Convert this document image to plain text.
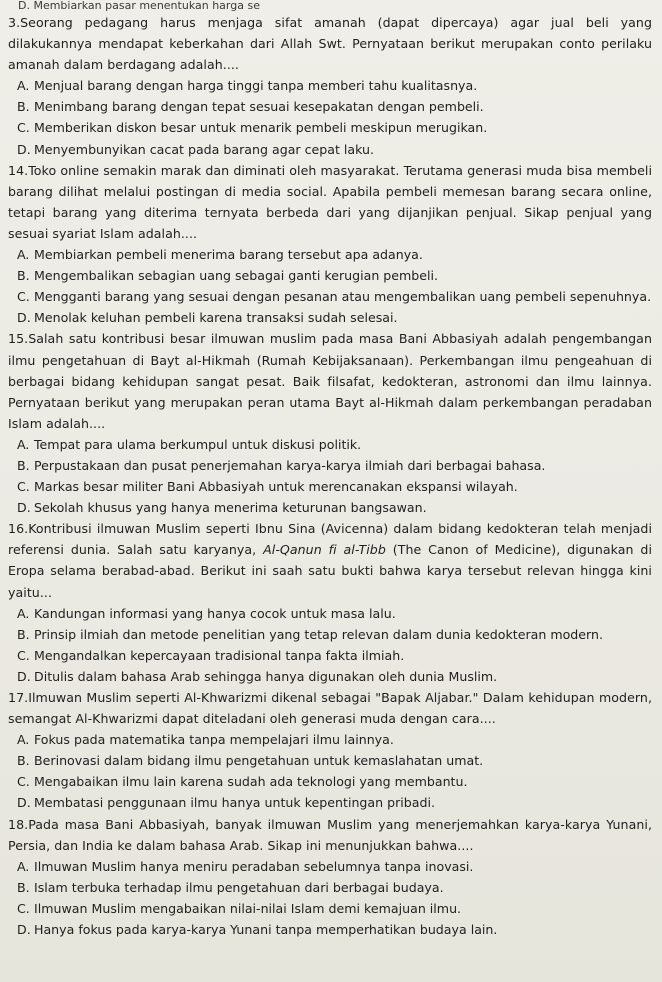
D. Membiarkan pasar menentukan harga se

3.Seorang pedagang harus menjaga sifat amanah (dapat dipercaya) agar jual beli yang dilakukannya mendapat keberkahan dari Allah Swt. Pernyataan berikut merupakan conto perilaku amanah dalam berdagang adalah....

A. Menjual barang dengan harga tinggi tanpa memberi tahu kualitasnya.
B. Menimbang barang dengan tepat sesuai kesepakatan dengan pembeli.
C. Memberikan diskon besar untuk menarik pembeli meskipun merugikan.
D. Menyembunyikan cacat pada barang agar cepat laku.

14.Toko online semakin marak dan diminati oleh masyarakat. Terutama generasi muda bisa membeli barang dilihat melalui postingan di media social. Apabila pembeli memesan barang secara online, tetapi barang yang diterima ternyata berbeda dari yang dijanjikan penjual. Sikap penjual yang sesuai syariat Islam adalah....

A. Membiarkan pembeli menerima barang tersebut apa adanya.
B. Mengembalikan sebagian uang sebagai ganti kerugian pembeli.
C. Mengganti barang yang sesuai dengan pesanan atau mengembalikan uang pembeli sepenuhnya.
D. Menolak keluhan pembeli karena transaksi sudah selesai.

15.Salah satu kontribusi besar ilmuwan muslim pada masa Bani Abbasiyah adalah pengembangan ilmu pengetahuan di Bayt al-Hikmah (Rumah Kebijaksanaan). Perkembangan ilmu pengeahuan di berbagai bidang kehidupan sangat pesat. Baik filsafat, kedokteran, astronomi dan ilmu lainnya. Pernyataan berikut yang merupakan peran utama Bayt al-Hikmah dalam perkembangan peradaban Islam adalah....

A. Tempat para ulama berkumpul untuk diskusi politik.
B. Perpustakaan dan pusat penerjemahan karya-karya ilmiah dari berbagai bahasa.
C. Markas besar militer Bani Abbasiyah untuk merencanakan ekspansi wilayah.
D. Sekolah khusus yang hanya menerima keturunan bangsawan.

16.Kontribusi ilmuwan Muslim seperti Ibnu Sina (Avicenna) dalam bidang kedokteran telah menjadi referensi dunia. Salah satu karyanya, Al-Qanun fi al-Tibb (The Canon of Medicine), digunakan di Eropa selama berabad-abad. Berikut ini saah satu bukti bahwa karya tersebut relevan hingga kini yaitu...

A. Kandungan informasi yang hanya cocok untuk masa lalu.
B. Prinsip ilmiah dan metode penelitian yang tetap relevan dalam dunia kedokteran modern.
C. Mengandalkan kepercayaan tradisional tanpa fakta ilmiah.
D. Ditulis dalam bahasa Arab sehingga hanya digunakan oleh dunia Muslim.

17.Ilmuwan Muslim seperti Al-Khwarizmi dikenal sebagai "Bapak Aljabar." Dalam kehidupan modern, semangat Al-Khwarizmi dapat diteladani oleh generasi muda dengan cara....

A. Fokus pada matematika tanpa mempelajari ilmu lainnya.
B. Berinovasi dalam bidang ilmu pengetahuan untuk kemaslahatan umat.
C. Mengabaikan ilmu lain karena sudah ada teknologi yang membantu.
D. Membatasi penggunaan ilmu hanya untuk kepentingan pribadi.

18.Pada masa Bani Abbasiyah, banyak ilmuwan Muslim yang menerjemahkan karya-karya Yunani, Persia, dan India ke dalam bahasa Arab. Sikap ini menunjukkan bahwa....

A. Ilmuwan Muslim hanya meniru peradaban sebelumnya tanpa inovasi.
B. Islam terbuka terhadap ilmu pengetahuan dari berbagai budaya.
C. Ilmuwan Muslim mengabaikan nilai-nilai Islam demi kemajuan ilmu.
D. Hanya fokus pada karya-karya Yunani tanpa memperhatikan budaya lain.
